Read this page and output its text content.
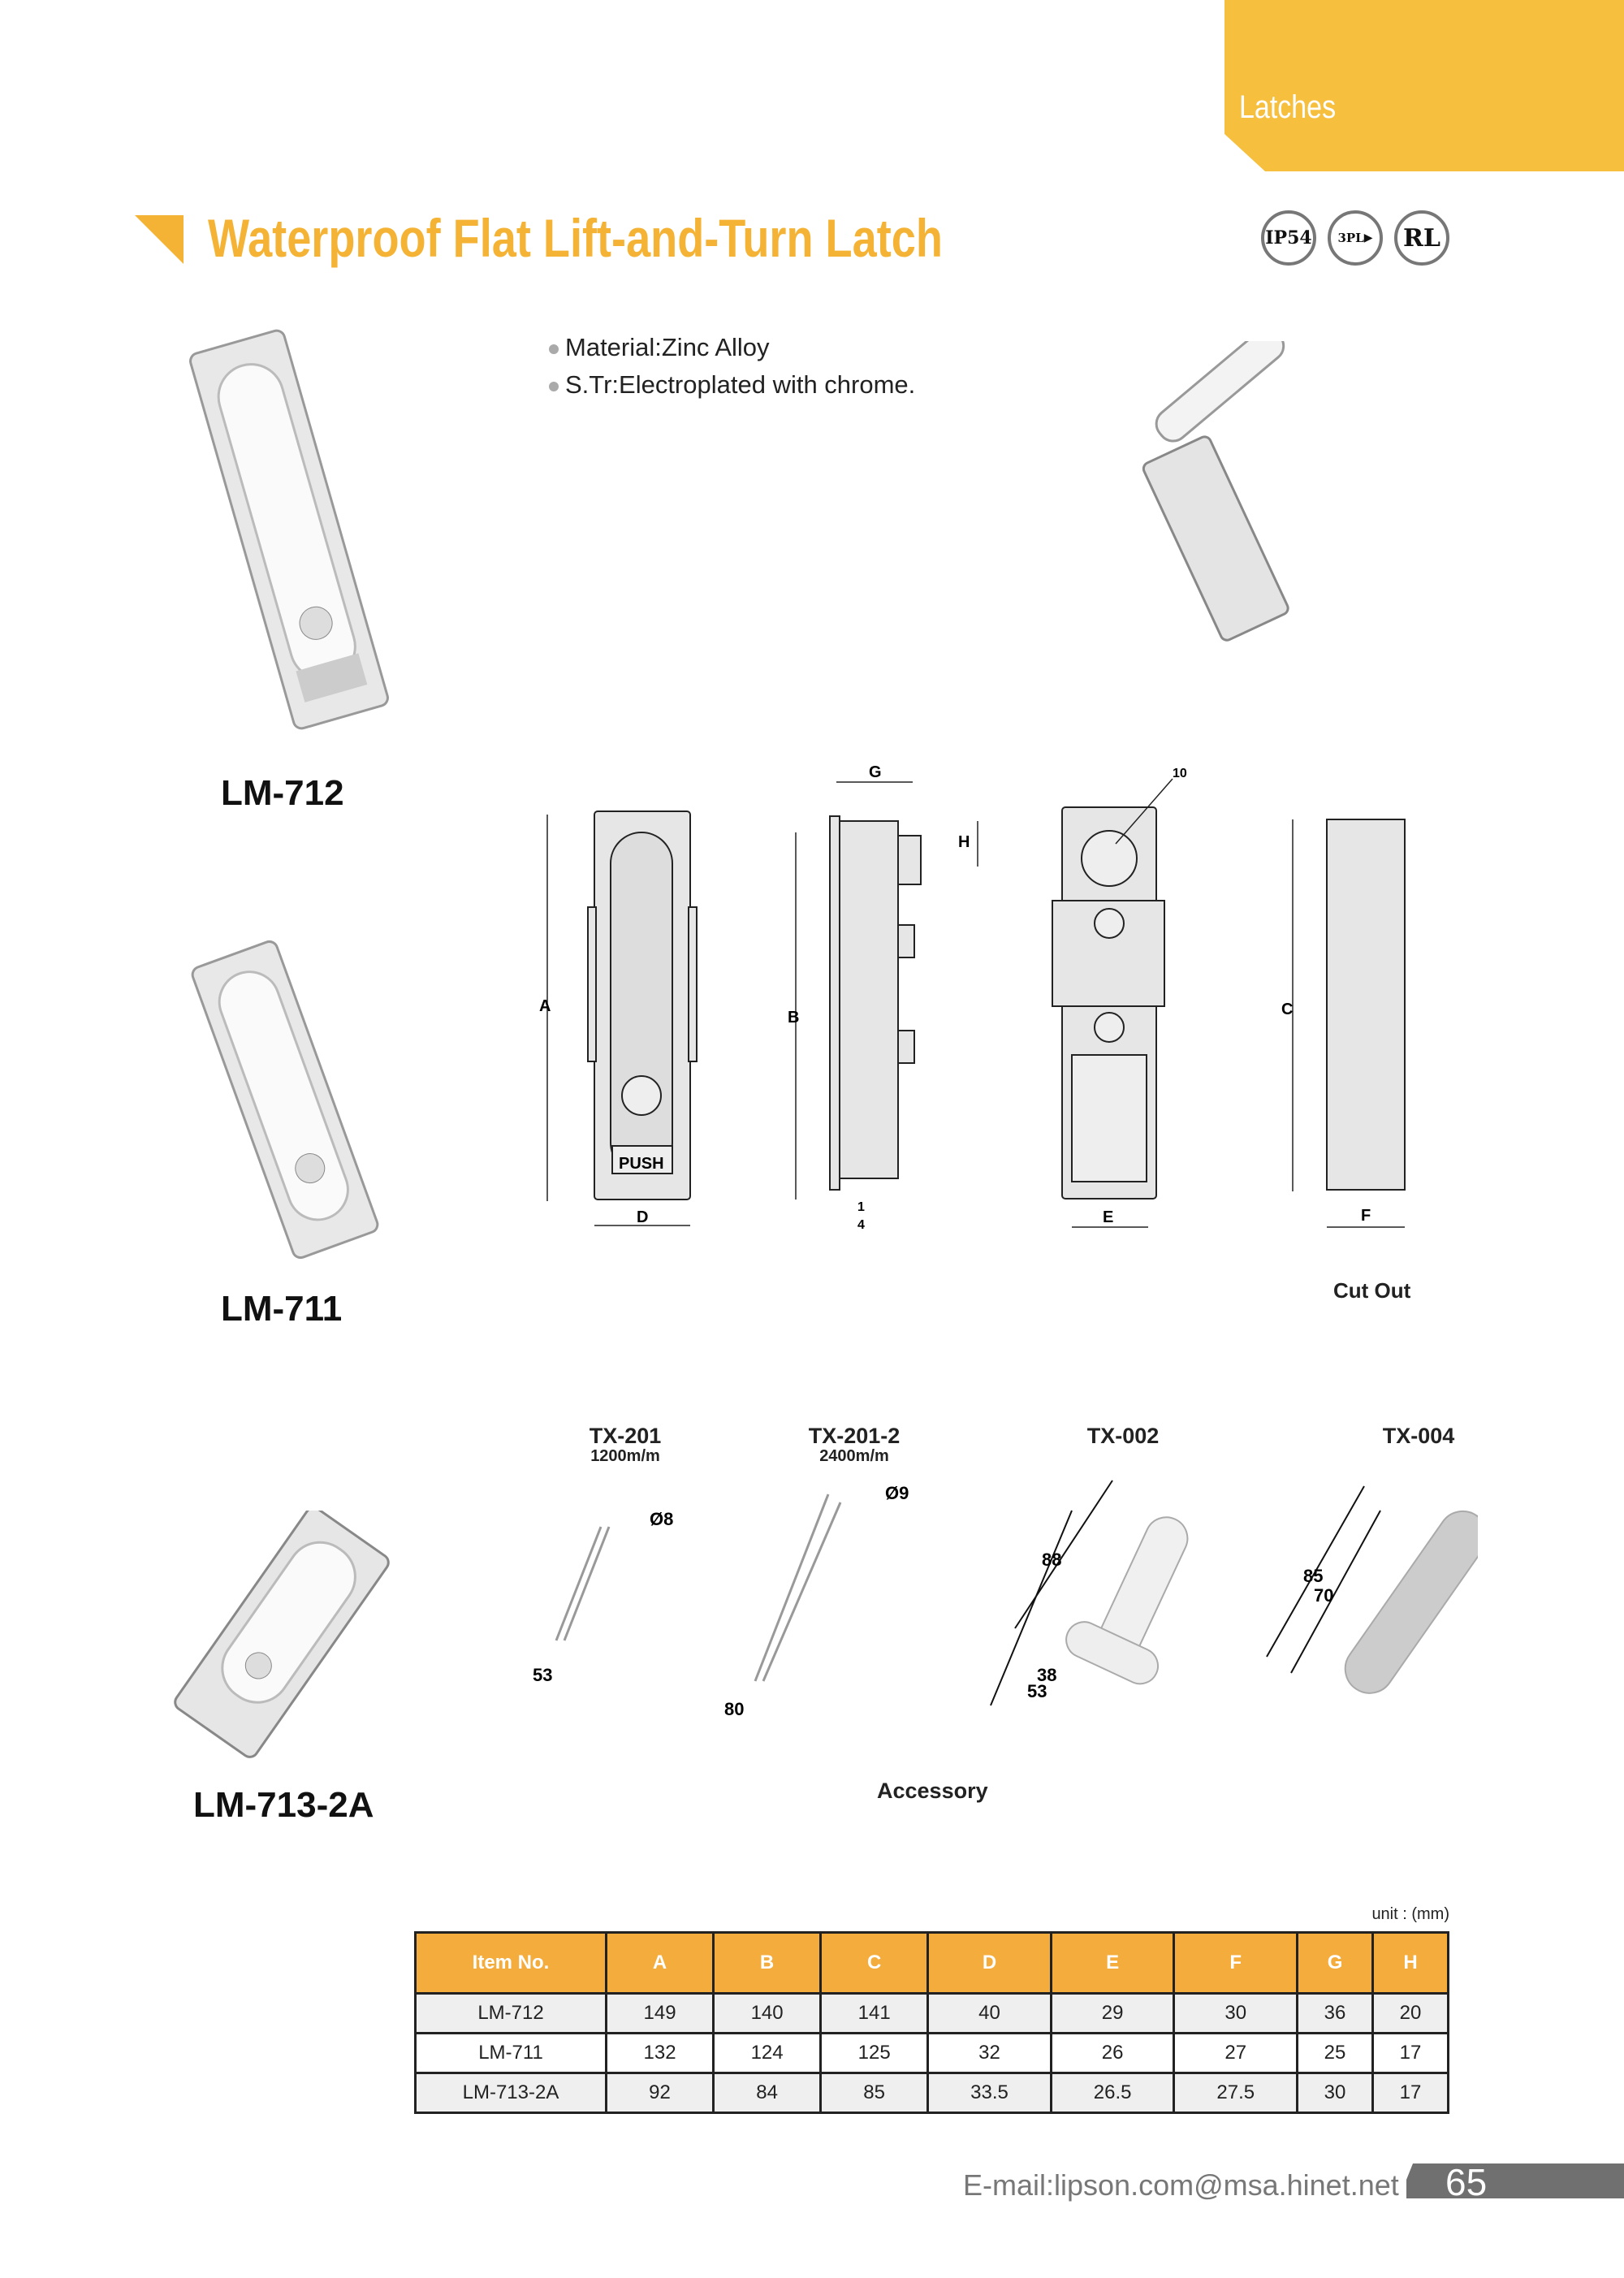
Latches
Waterproof Flat Lift-and-Turn Latch	IP54	3PL ▶	RL
Material:Zinc Alloy
S.Tr:Electroplated with chrome.
LM-712
LM-711
LM-713-2A
A
B	C
D	E	F
G
H
1
4
10
PUSH
Cut Out
TX-201
1200m/m
TX-201-2
2400m/m
TX-002	TX-004
Ø8
53
Ø9
80
88
38
53
85
70
Accessory
unit : (mm)
Item No.	A	B	C	D	E	F	G	H
LM-712	149	140	141	40	29	30	36	20
LM-711	132	124	125	32	26	27	25	17
LM-713-2A	92	84	85	33.5	26.5	27.5	30	17
E-mail:lipson.com@msa.hinet.net 65
